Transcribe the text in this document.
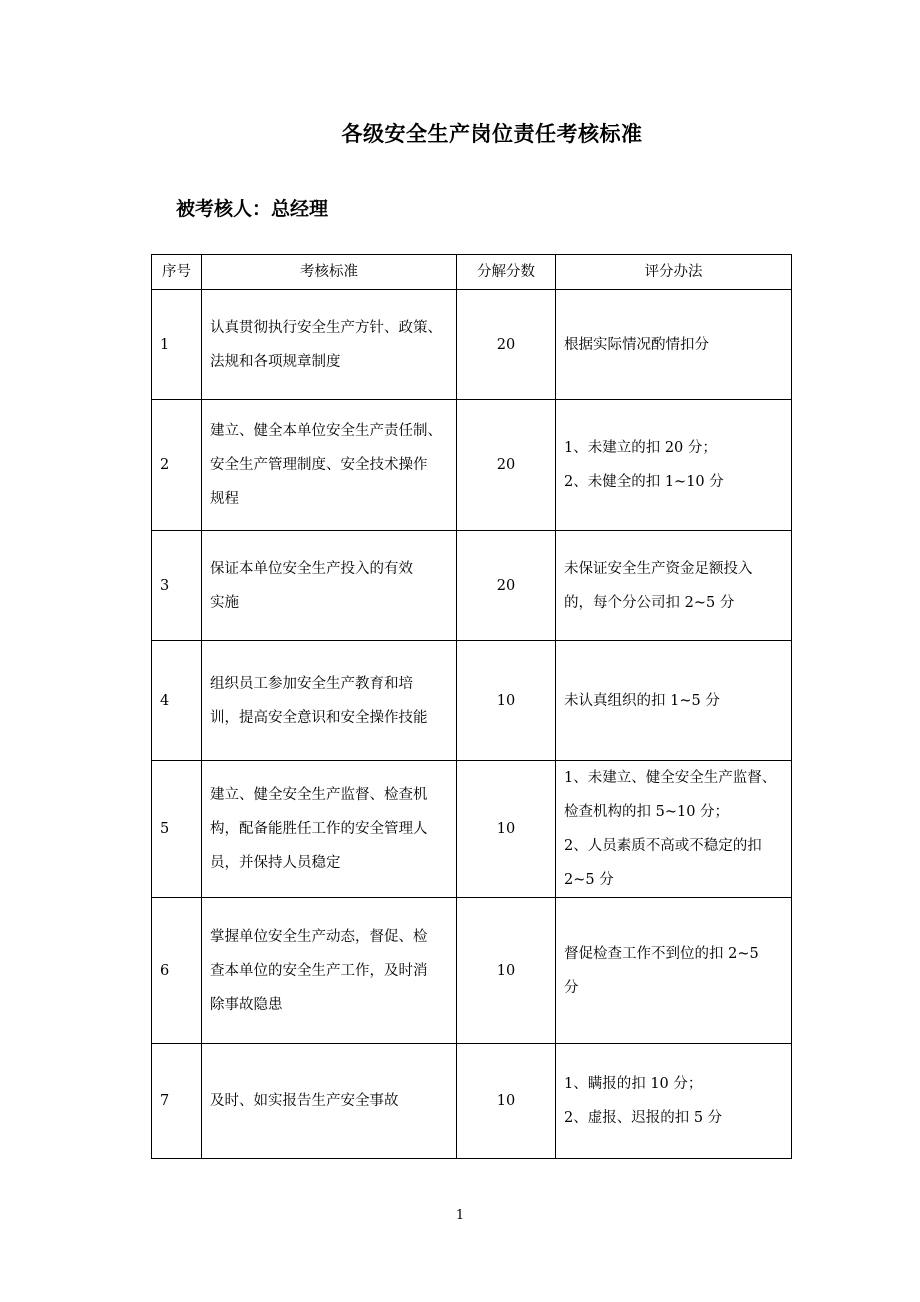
各级安全生产岗位责任考核标准
被考核人：总经理
序号	考核标准	分解分数	评分办法
1	认真贯彻执行安全生产方针、政策、
法规和各项规章制度	20	根据实际情况酌情扣分

2	建立、健全本单位安全生产责任制、
安全生产管理制度、安全技术操作
规程	20	1、未建立的扣 20 分；
2、未健全的扣 1~10 分

3	保证本单位安全生产投入的有效
实施	20	未保证安全生产资金足额投入
的，每个分公司扣 2~5 分

4	组织员工参加安全生产教育和培
训，提高安全意识和安全操作技能	10	未认真组织的扣 1~5 分

5	建立、健全安全生产监督、检查机
构，配备能胜任工作的安全管理人
员，并保持人员稳定	10	1、未建立、健全安全生产监督、
检查机构的扣 5~10 分；
2、人员素质不高或不稳定的扣
2~5 分

6	掌握单位安全生产动态，督促、检
查本单位的安全生产工作，及时消
除事故隐患	10	督促检查工作不到位的扣 2~5
分

7	及时、如实报告生产安全事故	10	1、瞒报的扣 10 分；
2、虚报、迟报的扣 5 分
1
